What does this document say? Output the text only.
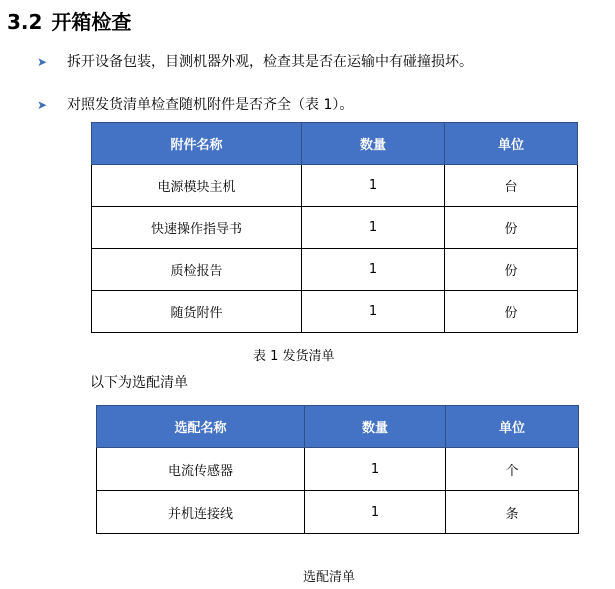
3.2 开箱检查
➤ 拆开设备包装，目测机器外观，检查其是否在运输中有碰撞损坏。
➤ 对照发货清单检查随机附件是否齐全（表 1）。
附件名称	数量	单位
电源模块主机	1	台
快速操作指导书	1	份
质检报告	1	份
随货附件	1	份
表 1 发货清单
以下为选配清单
选配名称	数量	单位
电流传感器	1	个
并机连接线	1	条
选配清单
